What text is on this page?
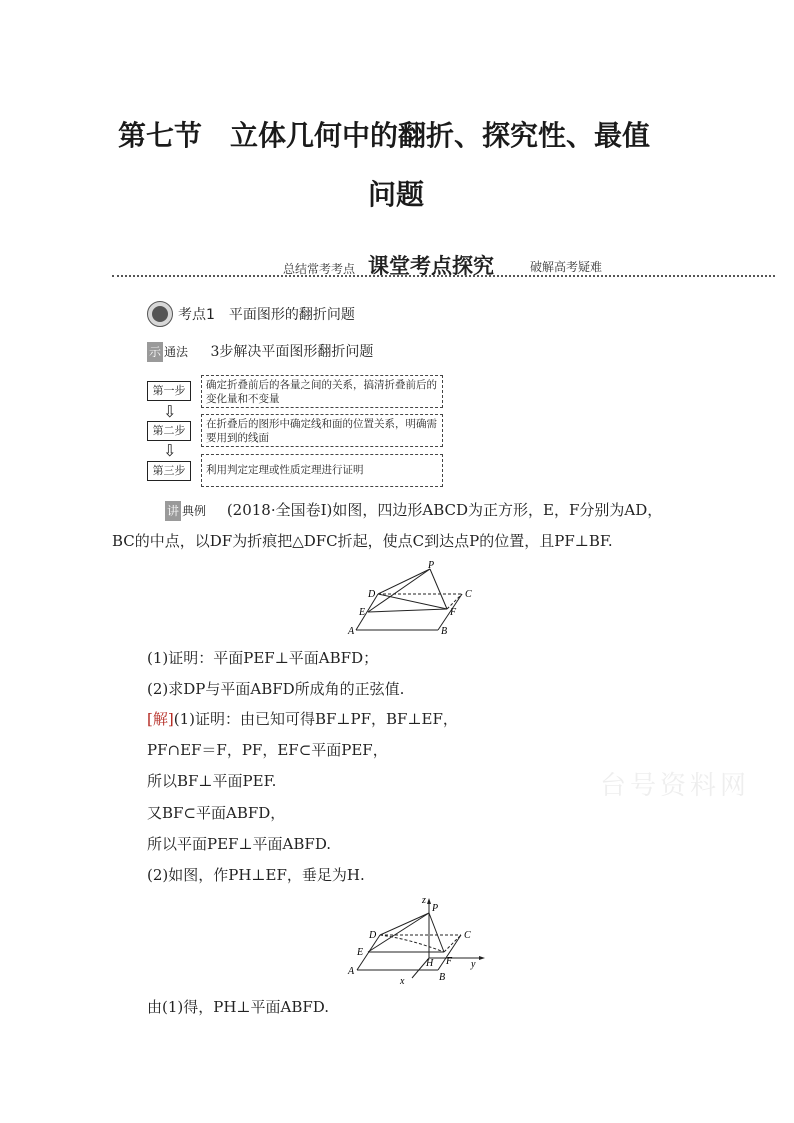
第七节　立体几何中的翻折、探究性、最值
问题
总结常考考点 课堂考点探究	破解高考疑难
考点1　平面图形的翻折问题
示 通法 3步解决平面图形翻折问题
第一步	确定折叠前后的各量之间的关系，搞清折叠前后的变化量和不变量
⇩
第二步	在折叠后的图形中确定线和面的位置关系，明确需要用到的线面
⇩
第三步	利用判定定理或性质定理进行证明
讲 典例 (2018·全国卷Ⅰ)如图，四边形ABCD为正方形，E，F分别为AD，
BC的中点，以DF为折痕把△DFC折起，使点C到达点P的位置，且PF⊥BF.
P
D	C
E	F
A	B
(1)证明：平面PEF⊥平面ABFD；
(2)求DP与平面ABFD所成角的正弦值.
[解](1)证明：由已知可得BF⊥PF，BF⊥EF，
PF∩EF＝F，PF，EF⊂平面PEF，
所以BF⊥平面PEF.
又BF⊂平面ABFD，
所以平面PEF⊥平面ABFD.
(2)如图，作PH⊥EF，垂足为H.
台号资料网
z
P
D	C
E
H F y
A
B
x
由(1)得，PH⊥平面ABFD.
